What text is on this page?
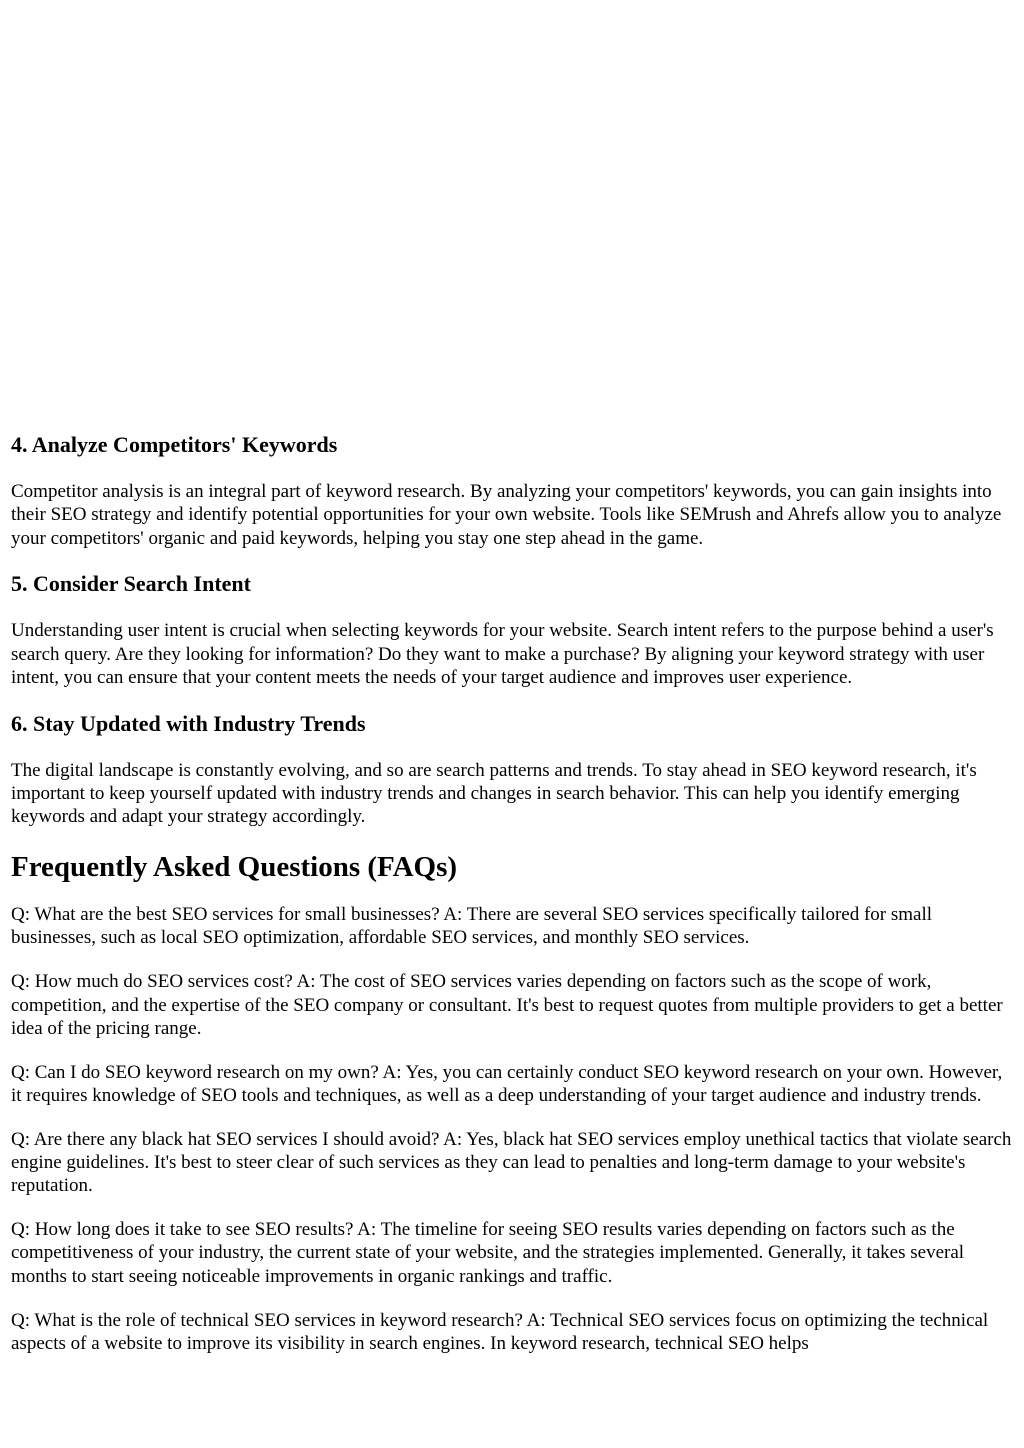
4. Analyze Competitors' Keywords

Competitor analysis is an integral part of keyword research. By analyzing your competitors' keywords, you can gain insights into their SEO strategy and identify potential opportunities for your own website. Tools like SEMrush and Ahrefs allow you to analyze your competitors' organic and paid keywords, helping you stay one step ahead in the game.

5. Consider Search Intent

Understanding user intent is crucial when selecting keywords for your website. Search intent refers to the purpose behind a user's search query. Are they looking for information? Do they want to make a purchase? By aligning your keyword strategy with user intent, you can ensure that your content meets the needs of your target audience and improves user experience.

6. Stay Updated with Industry Trends

The digital landscape is constantly evolving, and so are search patterns and trends. To stay ahead in SEO keyword research, it's important to keep yourself updated with industry trends and changes in search behavior. This can help you identify emerging keywords and adapt your strategy accordingly.

Frequently Asked Questions (FAQs)

Q: What are the best SEO services for small businesses? A: There are several SEO services specifically tailored for small businesses, such as local SEO optimization, affordable SEO services, and monthly SEO services.

Q: How much do SEO services cost? A: The cost of SEO services varies depending on factors such as the scope of work, competition, and the expertise of the SEO company or consultant. It's best to request quotes from multiple providers to get a better idea of the pricing range.

Q: Can I do SEO keyword research on my own? A: Yes, you can certainly conduct SEO keyword research on your own. However, it requires knowledge of SEO tools and techniques, as well as a deep understanding of your target audience and industry trends.

Q: Are there any black hat SEO services I should avoid? A: Yes, black hat SEO services employ unethical tactics that violate search engine guidelines. It's best to steer clear of such services as they can lead to penalties and long-term damage to your website's reputation.

Q: How long does it take to see SEO results? A: The timeline for seeing SEO results varies depending on factors such as the competitiveness of your industry, the current state of your website, and the strategies implemented. Generally, it takes several months to start seeing noticeable improvements in organic rankings and traffic.

Q: What is the role of technical SEO services in keyword research? A: Technical SEO services focus on optimizing the technical aspects of a website to improve its visibility in search engines. In keyword research, technical SEO helps
